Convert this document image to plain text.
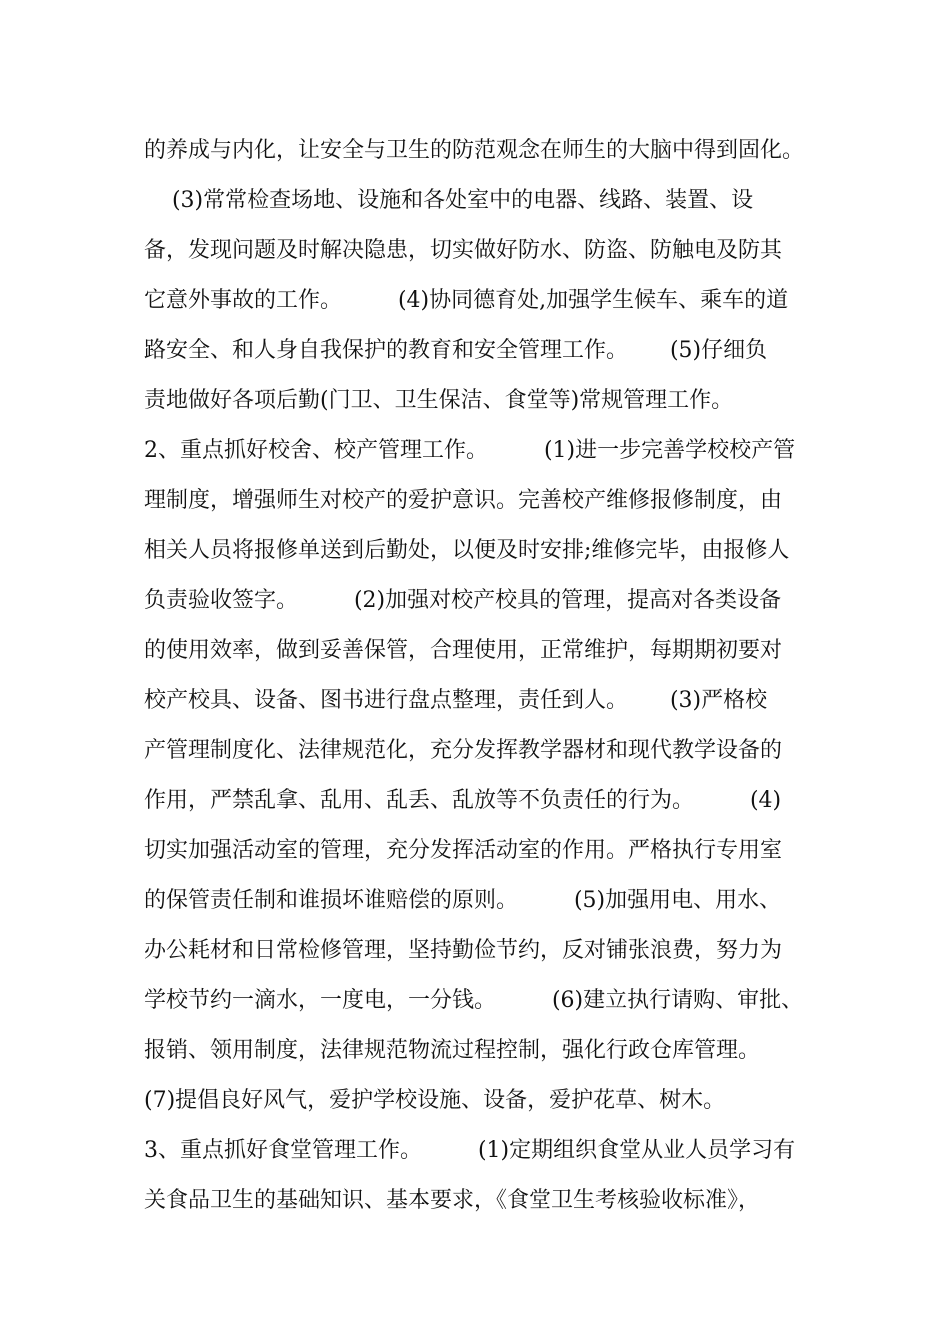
的养成与内化，让安全与卫生的防范观念在师生的大脑中得到固化。
(3)常常检查场地、设施和各处室中的电器、线路、装置、设
备，发现问题及时解决隐患，切实做好防水、防盗、防触电及防其
它意外事故的工作。        (4)协同德育处,加强学生候车、乘车的道
路安全、和人身自我保护的教育和安全管理工作。      (5)仔细负
责地做好各项后勤(门卫、卫生保洁、食堂等)常规管理工作。
2、重点抓好校舍、校产管理工作。        (1)进一步完善学校校产管
理制度，增强师生对校产的爱护意识。完善校产维修报修制度，由
相关人员将报修单送到后勤处，以便及时安排;维修完毕，由报修人
负责验收签字。        (2)加强对校产校具的管理，提高对各类设备
的使用效率，做到妥善保管，合理使用，正常维护，每期期初要对
校产校具、设备、图书进行盘点整理，责任到人。      (3)严格校
产管理制度化、法律规范化，充分发挥教学器材和现代教学设备的
作用，严禁乱拿、乱用、乱丢、乱放等不负责任的行为。        (4)
切实加强活动室的管理，充分发挥活动室的作用。严格执行专用室
的保管责任制和谁损坏谁赔偿的原则。        (5)加强用电、用水、
办公耗材和日常检修管理，坚持勤俭节约，反对铺张浪费，努力为
学校节约一滴水，一度电，一分钱。        (6)建立执行请购、审批、
报销、领用制度，法律规范物流过程控制，强化行政仓库管理。
(7)提倡良好风气，爱护学校设施、设备，爱护花草、树木。
3、重点抓好食堂管理工作。        (1)定期组织食堂从业人员学习有
关食品卫生的基础知识、基本要求，《食堂卫生考核验收标准》，
